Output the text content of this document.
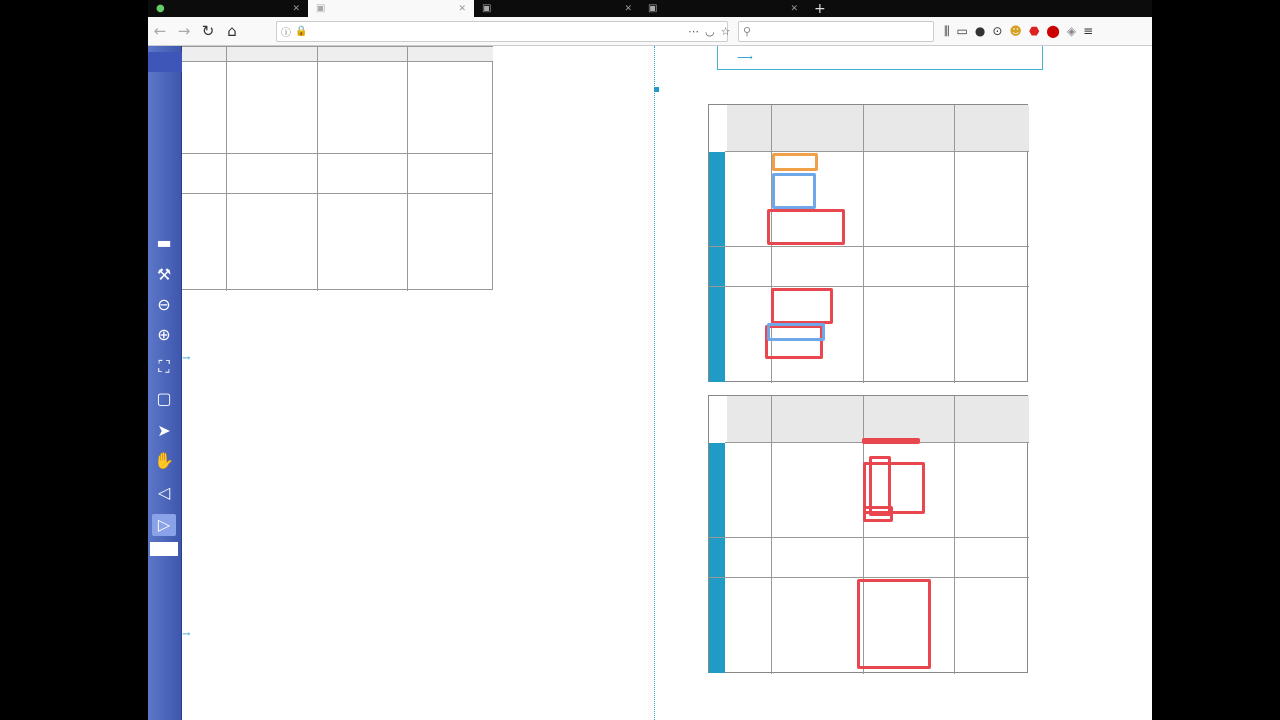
●	✕ ▣	✕ ▣	✕ ▣	✕	+
← → ↻ ⌂	ⓘ 🔒	⋯ ◡ ☆ ⚲	⫼ ▭ ● ⊙ ☻ ⬣ ⬤ ◈ ≡
▬
⚒
⊖
⊕
⛶
▢
➤
✋
◁
▷
→
→
⟶
